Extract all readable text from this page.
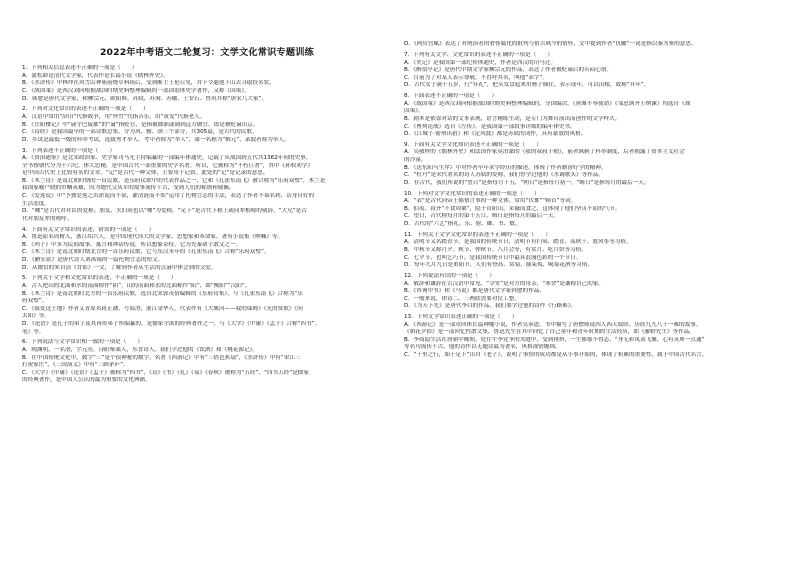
2022年中考语文二轮复习：文学文化常识专题训练
1．下列相关信息表述不正确的一项是（　　）
A．蒲松龄是清代文学家，代表作是长篇小说《儒林外史》。
B．《水浒传》中林冲在风雪山神庙前烧草料场后，受到断主王伦召见，并下令逼他下山去寻取投名状。
C．《战国策》是西汉刘向根据战国时期史料整理编辑的一部国别体史学著作，又称《国策》。
D．韩愈是唐代文学家，和柳宗元、欧阳修、苏轼、苏洵、苏辙、王安石、曾巩并称“唐宋八大家”。
2．下列对文化常识的表述不正确的一项是（　　）
A．汉语中常用“辞旧”代指战争，用“丝竹”代指音乐，用“黄发”代指老人。
B．《岳阳楼记》中“谪守巴陵郡”的“谪”指贬官，是指被降职或调到远方做官，即是被贬谪出京。
C．《诗经》是我国最早的一部诗歌总集，分为风、雅、颂三个部分，共305篇，是古代的民歌。
D．乡试是最低一级的科举考试，选拔秀才举人，考中者称为“举人”，第一名称为“解元”，录取者称为举人。
3．下列表述不正确的一项是（　　）
A．《资治通鉴》是北宋政治家、史学家司马光主持编纂的一部编年体通史，记载了从战国到五代共1362年间的史事。
全书按朝代分为十六纪，体大思精，是中国古代一部重要的史学名著。所以，它被称为“不朽巨著”，其中《孙权劝学》
是中国古代史上比较有名的文章。“记”是古代一种文体，主要用于记叙。此处的“记”是记录的意思。
B．《木兰诗》是南北朝时期的一首民歌，是乐府民歌中的代表作品之一，它和《孔雀东南飞》被合称为“乐府双璧”，木兰是
我国家喻户晓的巾帼英雄，因为她代父从军的故事流传千古，受到人们的称颂和敬佩。
C．《爱莲说》中“予独爱莲之出淤泥而不染，濯清涟而不妖”运用了托物言志的手法，表达了作者不慕名利、洁身自好的
生活态度。
D．“卿”是古代君对臣的爱称；朋友、夫妇间也以“卿”为爱称。“足下”是古代下称上或同辈相称的敬辞。“大兄”是古
代对朋友辈的称呼。
4．下面有关文学常识的表述，错误的一项是（　　）
A．鲁迅原名周树人，浙江绍兴人，是中国现代伟大的文学家、思想家和革命家。著有小说集《呐喊》等。
B．《列子》中多为民间故事、寓言和神话传说，所以想象奇特，它为先秦诸子散文之一。
C．《木兰诗》是南北朝时期北方的一首乐府民歌，它与东汉末年的《孔雀东南飞》合称“乐府双璧”。
D．《陋室铭》是唐代诗人刘禹锡的一篇托物言志的短文。
D．从微信的朱自清《背影》一文，了解到作者从生活的点滴中体会到的父爱。
5．下列关于文学和文化常识的表述，不正确的一项是（　　）
A．古人把山的北面和水的南面称作“阴”，山的南面和水的北面称作“阳”，如“衡阳”“汉阳”。
B．《木兰诗》是南北朝时北方的一首乐府民歌，选自北宋郭茂倩编辑的《乐府诗集》，与《孔雀东南飞》合称为“乐
府双璧”。
C．《我爱这土地》作者艾青原名蒋正涵，号海澄，浙江金华人。代表作有《大堰河——我的保姆》《光的赞歌》《向
太阳》等。
D．《论语》是孔子的弟子及其再传弟子所编纂的，是儒家学派的经典著作之一，与《大学》《中庸》《孟子》合称“四书”。
笔》等。
6．下列说法与文学常识相一致的一项是（　　）
A．陶渊明，一名潜，字元亮，浔阳柴桑人，东晋诗人。我们学过他的《饮酒》和《桃花源记》。
B．在中国传统文化中，数字“三”是个很神秘的数字，名著《西游记》中有“三借芭蕉扇”，《水浒传》中有“宋江三
打祝家庄”，《三国演义》中有“三顾茅庐”。
C．《大学》《中庸》《论语》《孟子》被称为“四书”，《诗》《书》《礼》《易》《春秋》被称为“五经”，“四书五经”是儒家
的经典著作，是中国人公认的最为重要的文化典籍。
D．《阿房宫赋》表达了对统治者的奢侈腐化的批判与借古讽今的情怀，文中提到作者“仇雠”一词是指以秦为鉴的意思。
7．下列有关文学、文化常识的表述不正确的一项是（　　）
A．《史记》是我国第一部纪传体通史，作者是西汉的司马迁。
B．《醉翁亭记》是唐代中期文学家柳宗元的作品，表达了作者被贬谪后的苦闷心情。
C．目前为了对某人表示尊敬，不直呼其名，叫他“表字”。
D．古代女子满十五岁，行“笄礼”，把头发盘起来用簪子插住，表示成年，可以出嫁，故称“笄年”。
8．下面表述不正确的一项是（　　）
A．《战国策》是西汉刘向根据战国时期史料整理编辑的，分国编次。《唐雎不辱使命》《邹忌讽齐王纳谏》均选自《战
国策》。
B．剧本是依靠对话的文本表现，语言精练生动，是专门为舞台演出而创作的文学样式。
C．《曹刿论战》选自《左传》，是我国第一部叙事详细的编年体史书。
D．《江城子·密州出猎》和《定风波》都是苏轼的词作，具有豪放的风格。
9．下面有关文学文化知识表述不正确的一项是（　　）
A．吴敬梓的《儒林外史》和法国作家莫泊桑的《我的叔叔于勒》，前者讽刺了科举制度，后者揭露了资本主义社会
的冷漠。
B．《送东阳马生序》中对作者早年求学经历的描述，体现了作者勤奋好学的精神。
C．“牡丹”是宋代著名的诗人苏轼的爱称，我们曾学过他的《水调歌头》等作品。
D．在古代，我们所说的“望日”是指每月十五，“朔日”是指每月初一，“晦日”是指每月的最后一天。
10．下列对文学文化常识的表述正确的一项是（　　）
A．“表”是古代向帝王陈情言事的一种文体。常用“伏惟”“顿首”等词。
B．伯夷、叔齐“不食周粟”，隐于首阳山，采薇而食之，这体现了他们坚贞不屈的气节。
C．望日，古代称每月的第十五日，晦日是指每月的最后一天。
D．古代的“六艺”指礼、乐、射、御、书、数。
11．下列关于文学文化常识的表述不正确的一项是（　　）
A．清明节又名踏青节，是我国的传统节日，清明节有扫墓、踏青、荡秋千、放风筝等习俗。
B．中秋节又称月夕、秋节、仲秋节、八月会等，有赏月、吃月饼等习俗。
C．七夕节，也叫乞巧节，是我国传统节日中最具浪漫色彩的一个节日。
D．每年九月九日是重阳节，人们有登高、赏菊、插茱萸、喝菊花酒等习俗。
12．下列说法有误的一项是（　　）
A．敬辞和谦辞在古汉语中常见，“令堂”是对方的母亲，“寒舍”是谦称自己的家。
B．《咨询中书》和《马说》都是唐代文学家韩愈的作品。
C．一般来说，律诗二、三两联需要对仗工整。
D．《为天下先》是唐代李白的作品，我们要学过他的诗作《行路难》。
13．下列文学常识表述正确的一项是（　　）
A．《西游记》是一部章回体长篇神魔小说，作者吴承恩。书中描写了唐僧师徒四人西天取经、历经九九八十一难的故事。
《朝花夕拾》是一部回忆性散文集，鲁迅先生在其中回忆了自己童年和青年时期的生活经历，如《藤野先生》等作品。
B．李商隐生活在唐朝中晚期，处在牛李党争的夹缝中，受到排挤，一生郁郁不得志，“身无彩凤双飞翼，心有灵犀一点通”
等名句流传千古，他的诗作以无题诗最为著名，风格深情缠绵。
C．“千里之行，始于足下”出自《老子》，说明了事情的成功都是从小事开始的，体现了积累的重要性，属于中国古代名言。
